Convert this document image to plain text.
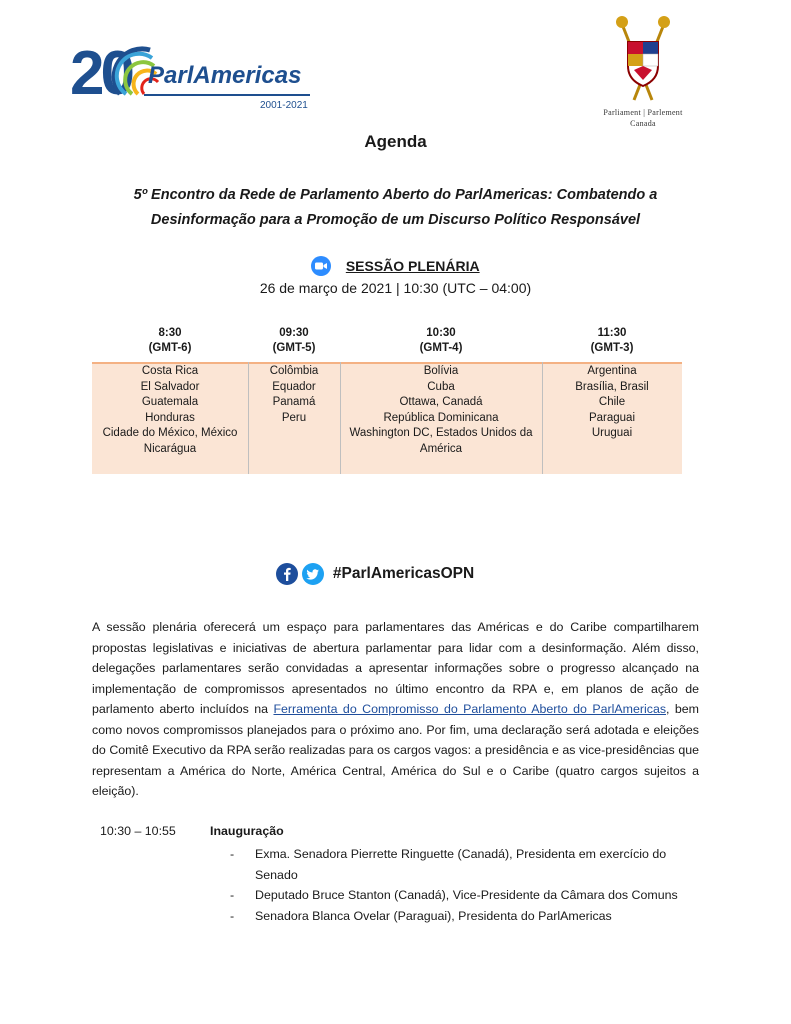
20 ParlAmericas
2001-2021
Parliament | Parlement
Canada
Agenda
5º Encontro da Rede de Parlamento Aberto do ParlAmericas: Combatendo a
Desinformação para a Promoção de um Discurso Político Responsável
SESSÃO PLENÁRIA
26 de março de 2021 | 10:30 (UTC – 04:00)
8:30
(GMT-6)
Costa Rica
El Salvador
Guatemala
Honduras
Cidade do México, México
Nicarágua
09:30
(GMT-5)
Colômbia
Equador
Panamá
Peru
10:30
(GMT-4)
Bolívia
Cuba
Ottawa, Canadá
República Dominicana
Washington DC, Estados Unidos da
América
11:30
(GMT-3)
Argentina
Brasília, Brasil
Chile
Paraguai
Uruguai
#ParlAmericasOPN
A sessão plenária oferecerá um espaço para parlamentares das Américas e do Caribe compartilharem propostas legislativas e iniciativas de abertura parlamentar para lidar com a desinformação. Além disso, delegações parlamentares serão convidadas a apresentar informações sobre o progresso alcançado na implementação de compromissos apresentados no último encontro da RPA e, em planos de ação de parlamento aberto incluídos na Ferramenta do Compromisso do Parlamento Aberto do ParlAmericas, bem como novos compromissos planejados para o próximo ano. Por fim, uma declaração será adotada e eleições do Comitê Executivo da RPA serão realizadas para os cargos vagos: a presidência e as vice-presidências que representam a América do Norte, América Central, América do Sul e o Caribe (quatro cargos sujeitos a eleição).
10:30 – 10:55	Inauguração
- Exma. Senadora Pierrette Ringuette (Canadá), Presidenta em exercício do Senado
- Deputado Bruce Stanton (Canadá), Vice-Presidente da Câmara dos Comuns
- Senadora Blanca Ovelar (Paraguai), Presidenta do ParlAmericas
